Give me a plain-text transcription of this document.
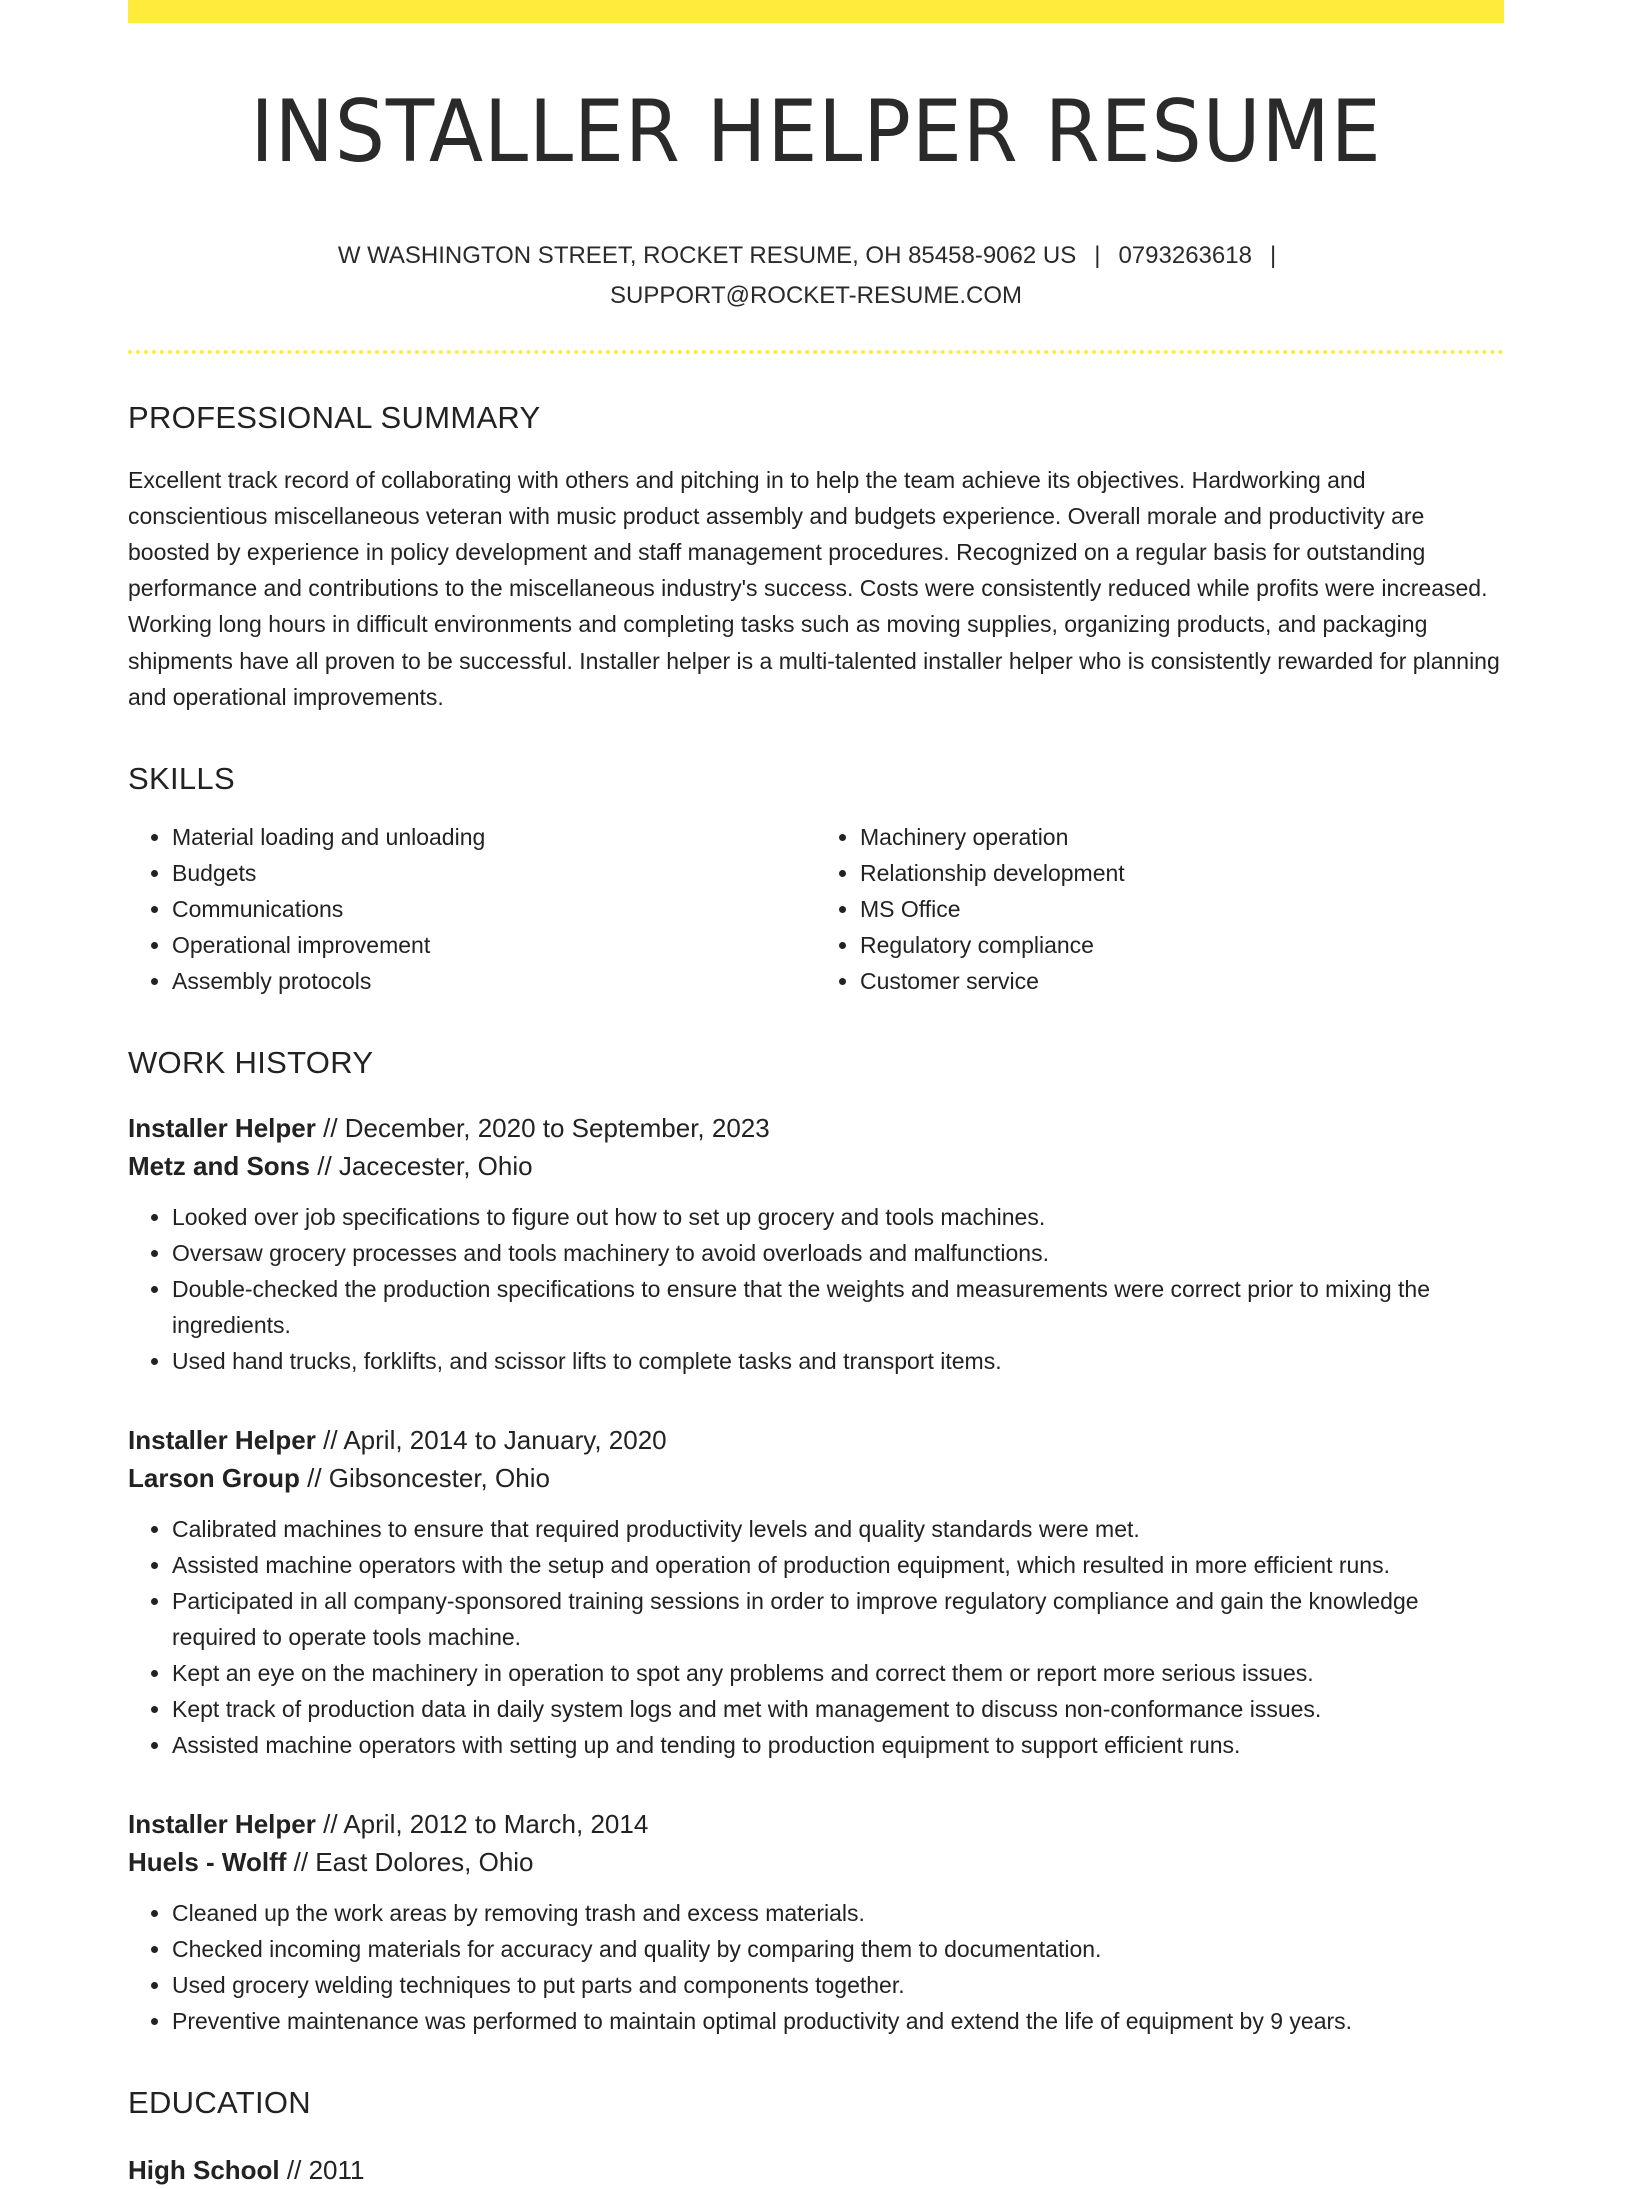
INSTALLER HELPER RESUME
W WASHINGTON STREET, ROCKET RESUME, OH 85458-9062 US | 0793263618 |
SUPPORT@ROCKET-RESUME.COM
PROFESSIONAL SUMMARY

Excellent track record of collaborating with others and pitching in to help the team achieve its objectives. Hardworking and conscientious miscellaneous veteran with music product assembly and budgets experience. Overall morale and productivity are boosted by experience in policy development and staff management procedures. Recognized on a regular basis for outstanding performance and contributions to the miscellaneous industry's success. Costs were consistently reduced while profits were increased. Working long hours in difficult environments and completing tasks such as moving supplies, organizing products, and packaging shipments have all proven to be successful. Installer helper is a multi-talented installer helper who is consistently rewarded for planning and operational improvements.

SKILLS
• Material loading and unloading
• Budgets
• Communications
• Operational improvement
• Assembly protocols
• Machinery operation
• Relationship development
• MS Office
• Regulatory compliance
• Customer service
WORK HISTORY
Installer Helper // December, 2020 to September, 2023
Metz and Sons // Jacecester, Ohio
• Looked over job specifications to figure out how to set up grocery and tools machines.
• Oversaw grocery processes and tools machinery to avoid overloads and malfunctions.
• Double-checked the production specifications to ensure that the weights and measurements were correct prior to mixing the ingredients.
• Used hand trucks, forklifts, and scissor lifts to complete tasks and transport items.
Installer Helper // April, 2014 to January, 2020
Larson Group // Gibsoncester, Ohio
• Calibrated machines to ensure that required productivity levels and quality standards were met.
• Assisted machine operators with the setup and operation of production equipment, which resulted in more efficient runs.
• Participated in all company-sponsored training sessions in order to improve regulatory compliance and gain the knowledge required to operate tools machine.
• Kept an eye on the machinery in operation to spot any problems and correct them or report more serious issues.
• Kept track of production data in daily system logs and met with management to discuss non-conformance issues.
• Assisted machine operators with setting up and tending to production equipment to support efficient runs.
Installer Helper // April, 2012 to March, 2014
Huels - Wolff // East Dolores, Ohio
• Cleaned up the work areas by removing trash and excess materials.
• Checked incoming materials for accuracy and quality by comparing them to documentation.
• Used grocery welding techniques to put parts and components together.
• Preventive maintenance was performed to maintain optimal productivity and extend the life of equipment by 9 years.
EDUCATION
High School // 2011
